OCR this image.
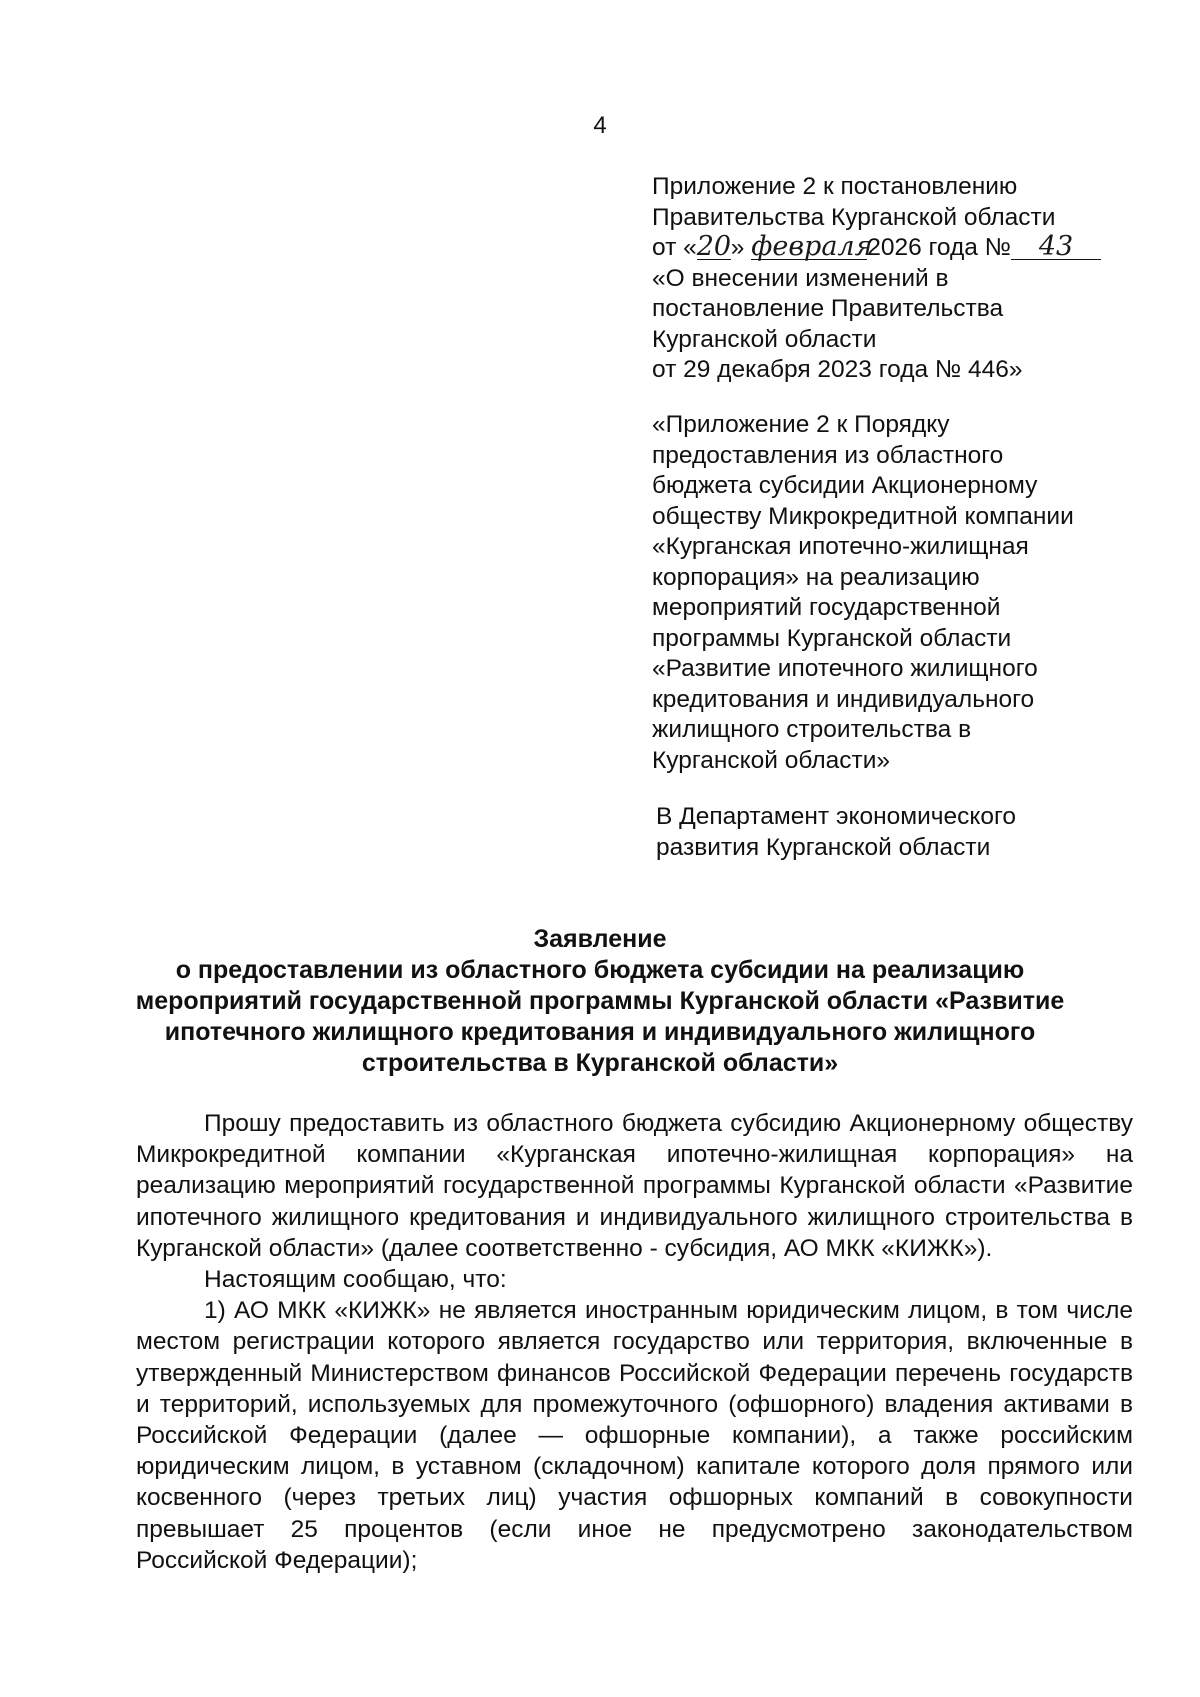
4
Приложение 2 к постановлению
Правительства Курганской области
от «20» февраля2026 года № 43
«О внесении изменений в
постановление Правительства
Курганской области
от 29 декабря 2023 года № 446»
«Приложение 2 к Порядку
предоставления из областного
бюджета субсидии Акционерному
обществу Микрокредитной компании
«Курганская ипотечно-жилищная
корпорация» на реализацию
мероприятий государственной
программы Курганской области
«Развитие ипотечного жилищного
кредитования и индивидуального
жилищного строительства в
Курганской области»
В Департамент экономического
развития Курганской области
Заявление
о предоставлении из областного бюджета субсидии на реализацию
мероприятий государственной программы Курганской области «Развитие
ипотечного жилищного кредитования и индивидуального жилищного
строительства в Курганской области»

Прошу предоставить из областного бюджета субсидию Акционерному обществу Микрокредитной компании «Курганская ипотечно-жилищная корпорация» на реализацию мероприятий государственной программы Курганской области «Развитие ипотечного жилищного кредитования и индивидуального жилищного строительства в Курганской области» (далее соответственно - субсидия, АО МКК «КИЖК»).

Настоящим сообщаю, что:

1) АО МКК «КИЖК» не является иностранным юридическим лицом, в том числе местом регистрации которого является государство или территория, включенные в утвержденный Министерством финансов Российской Федерации перечень государств и территорий, используемых для промежуточного (офшорного) владения активами в Российской Федерации (далее — офшорные компании), а также российским юридическим лицом, в уставном (складочном) капитале которого доля прямого или косвенного (через третьих лиц) участия офшорных компаний в совокупности превышает 25 процентов (если иное не предусмотрено законодательством Российской Федерации);
